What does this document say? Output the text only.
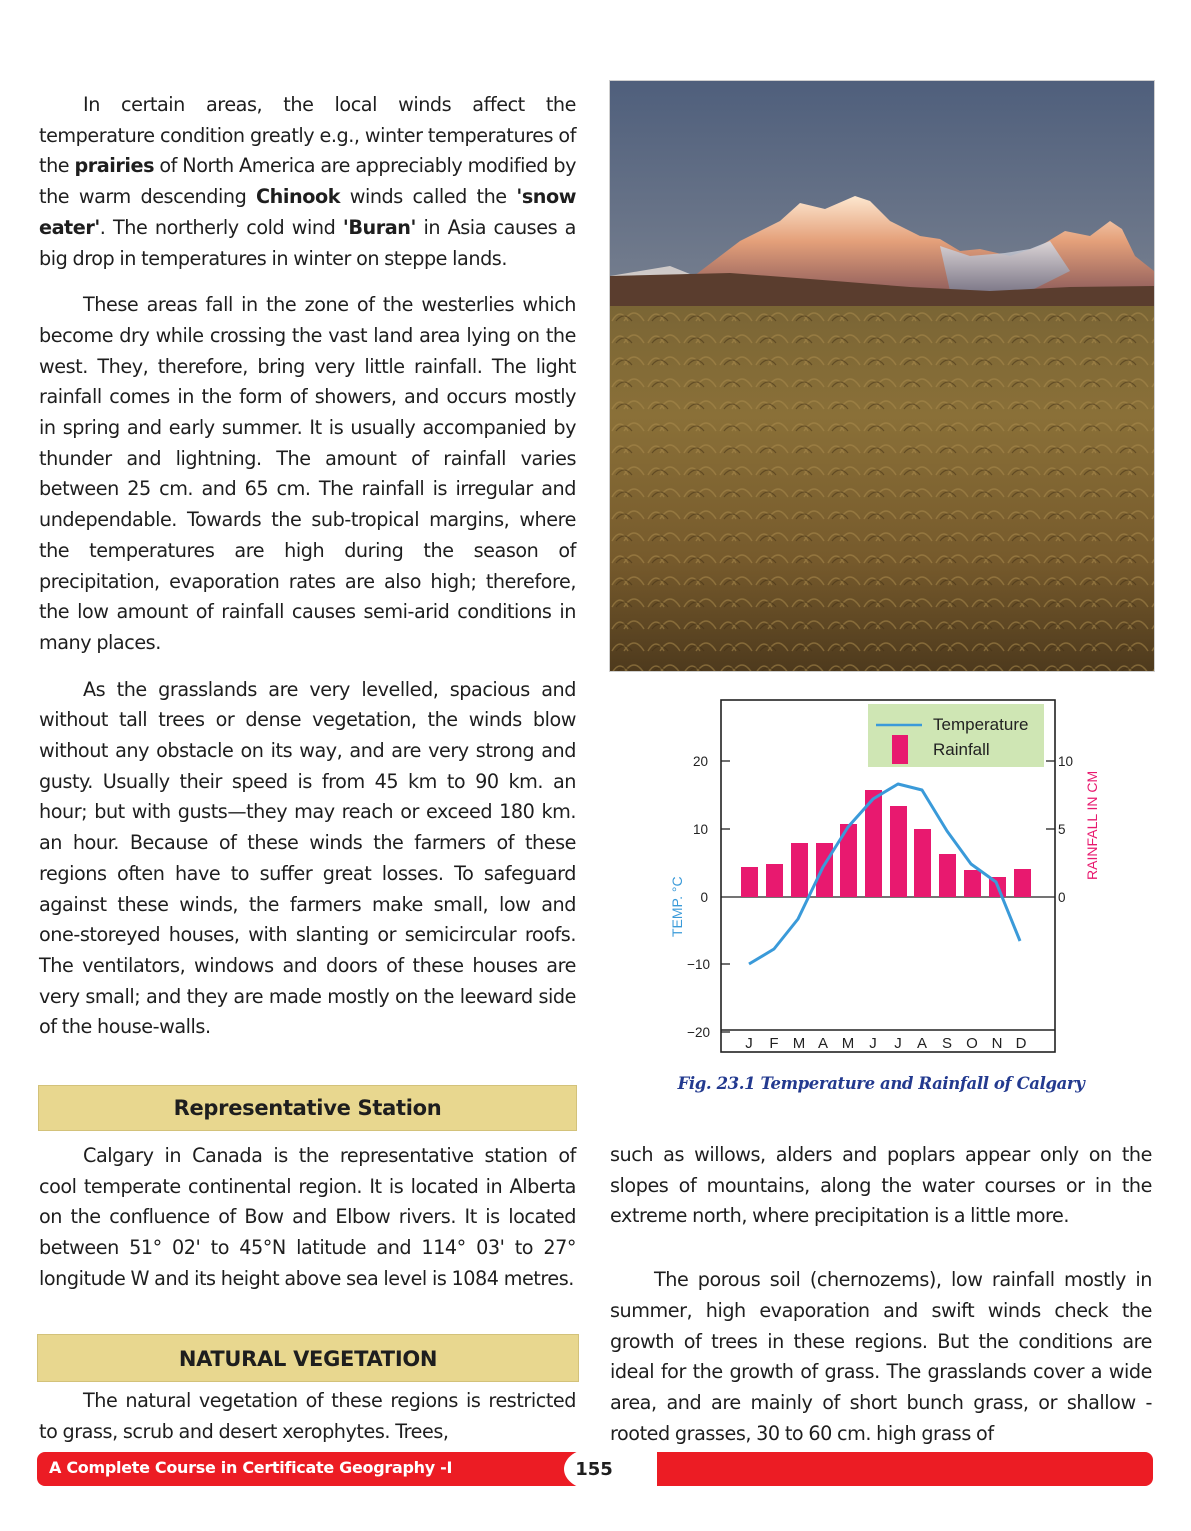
In certain areas, the local winds affect the temperature condition greatly e.g., winter temperatures of the prairies of North America are appreciably modified by the warm descending Chinook winds called the 'snow eater'. The northerly cold wind 'Buran' in Asia causes a big drop in temperatures in winter on steppe lands.

These areas fall in the zone of the westerlies which become dry while crossing the vast land area lying on the west. They, therefore, bring very little rainfall. The light rainfall comes in the form of showers, and occurs mostly in spring and early summer. It is usually accompanied by thunder and lightning. The amount of rainfall varies between 25 cm. and 65 cm. The rainfall is irregular and undependable. Towards the sub-tropical margins, where the temperatures are high during the season of precipitation, evaporation rates are also high; therefore, the low amount of rainfall causes semi-arid conditions in many places.

As the grasslands are very levelled, spacious and without tall trees or dense vegetation, the winds blow without any obstacle on its way, and are very strong and gusty. Usually their speed is from 45 km to 90 km. an hour; but with gusts—they may reach or exceed 180 km. an hour. Because of these winds the farmers of these regions often have to suffer great losses. To safeguard against these winds, the farmers make small, low and one-storeyed houses, with slanting or semicircular roofs. The ventilators, windows and doors of these houses are very small; and they are made mostly on the leeward side of the house-walls.

Representative Station

Calgary in Canada is the representative station of cool temperate continental region. It is located in Alberta on the confluence of Bow and Elbow rivers. It is located between 51° 02' to 45°N latitude and 114° 03' to 27° longitude W and its height above sea level is 1084 metres.

NATURAL VEGETATION

The natural vegetation of these regions is restricted to grass, scrub and desert xerophytes. Trees,

20
10
0
−10
−20
10
5
0
TEMP. °C
RAINFALL IN CM
Temperature
Rainfall
J F M A M J J A S O N D
Fig. 23.1 Temperature and Rainfall of Calgary

such as willows, alders and poplars appear only on the slopes of mountains, along the water courses or in the extreme north, where precipitation is a little more.

The porous soil (chernozems), low rainfall mostly in summer, high evaporation and swift winds check the growth of trees in these regions. But the conditions are ideal for the growth of grass. The grasslands cover a wide area, and are mainly of short bunch grass, or shallow - rooted grasses, 30 to 60 cm. high grass of

A Complete Course in Certificate Geography -I	155
